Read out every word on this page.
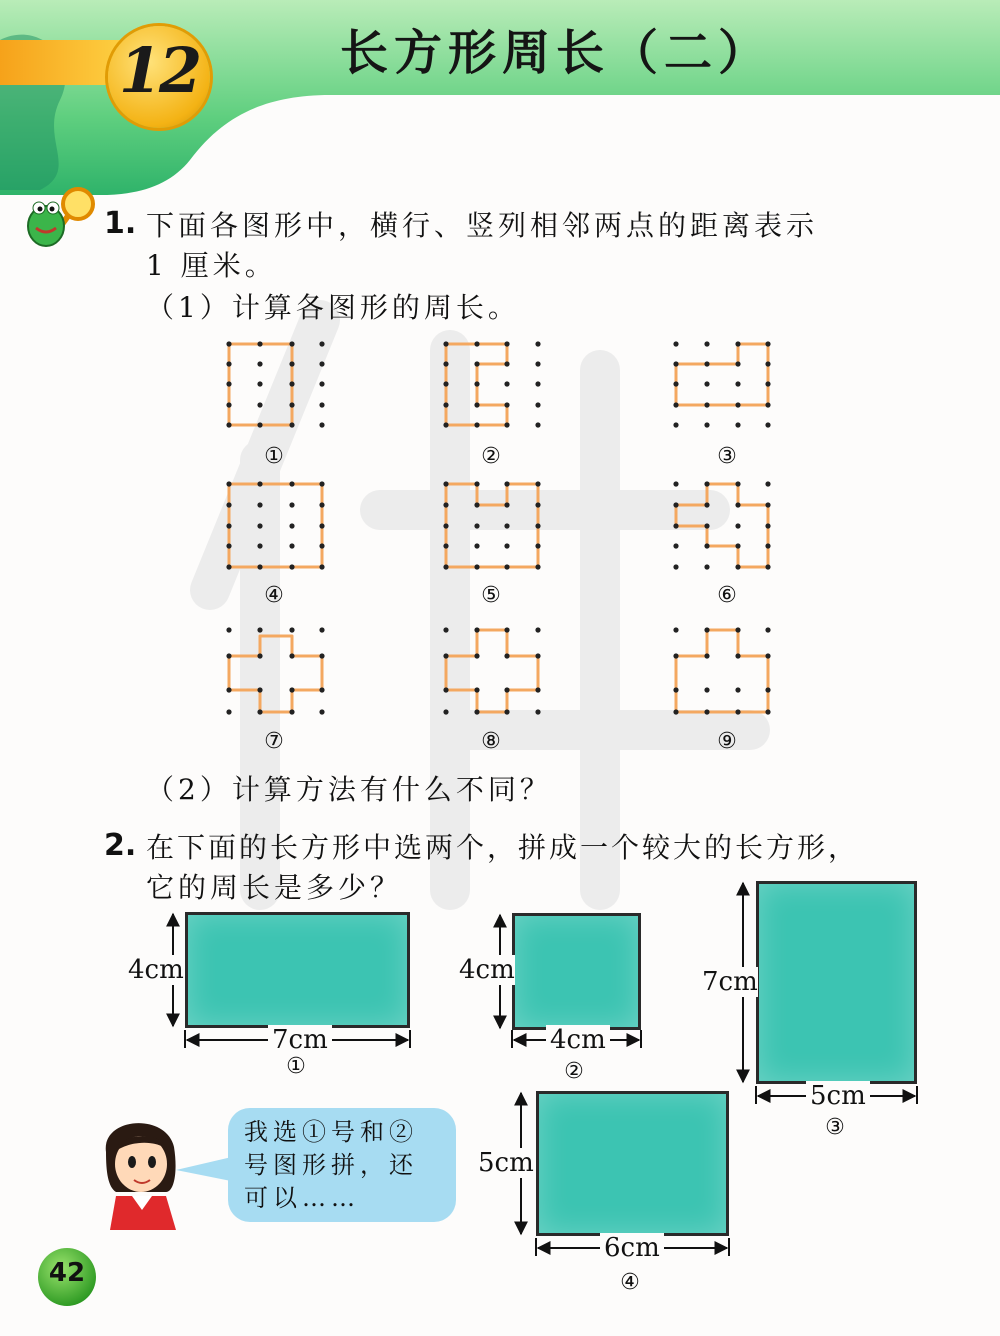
12	长方形周长（二）
1. 下面各图形中，横行、竖列相邻两点的距离表示
1 厘米。
（1）计算各图形的周长。
①	②	③
④	⑤	⑥
⑦	⑧	⑨
（2）计算方法有什么不同？
2. 在下面的长方形中选两个，拼成一个较大的长方形，
它的周长是多少？
4cm
7cm
①
4cm
4cm
②
7cm
5cm
③
5cm
6cm
④
我选①号和②
号图形拼，还
可以……
42
